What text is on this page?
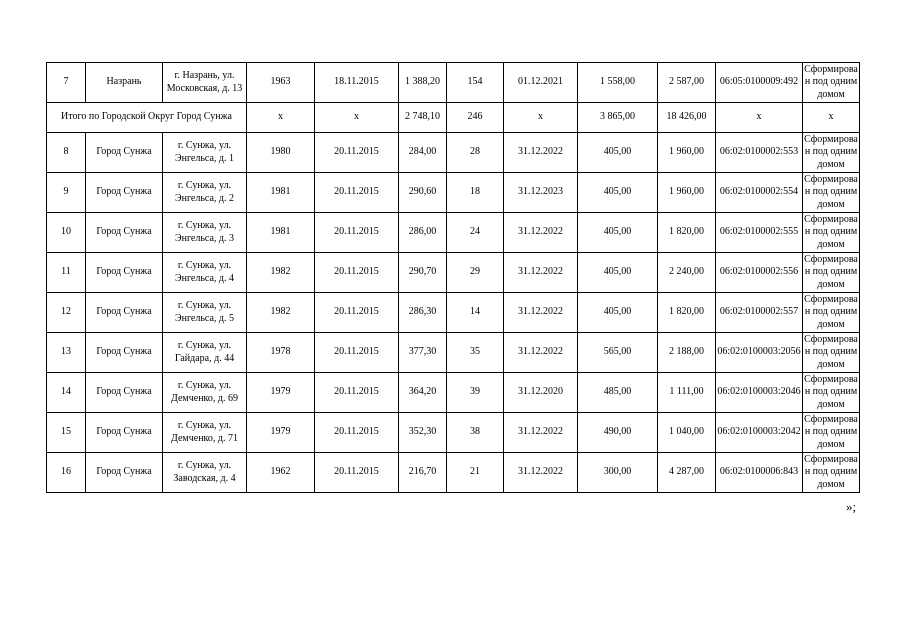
7	Назрань	г. Назрань, ул. Московская, д. 13	1963	18.11.2015	1 388,20	154	01.12.2021	1 558,00	2 587,00	06:05:0100009:492	Сформирован под одним домом
Итого по Городской Округ Город Сунжа			x	x	2 748,10	246	x	3 865,00	18 426,00	x	x
8	Город Сунжа	г. Сунжа, ул. Энгельса, д. 1	1980	20.11.2015	284,00	28	31.12.2022	405,00	1 960,00	06:02:0100002:553	Сформирован под одним домом
9	Город Сунжа	г. Сунжа, ул. Энгельса, д. 2	1981	20.11.2015	290,60	18	31.12.2023	405,00	1 960,00	06:02:0100002:554	Сформирован под одним домом
10	Город Сунжа	г. Сунжа, ул. Энгельса, д. 3	1981	20.11.2015	286,00	24	31.12.2022	405,00	1 820,00	06:02:0100002:555	Сформирован под одним домом
11	Город Сунжа	г. Сунжа, ул. Энгельса, д. 4	1982	20.11.2015	290,70	29	31.12.2022	405,00	2 240,00	06:02:0100002:556	Сформирован под одним домом
12	Город Сунжа	г. Сунжа, ул. Энгельса, д. 5	1982	20.11.2015	286,30	14	31.12.2022	405,00	1 820,00	06:02:0100002:557	Сформирован под одним домом
13	Город Сунжа	г. Сунжа, ул. Гайдара, д. 44	1978	20.11.2015	377,30	35	31.12.2022	565,00	2 188,00	06:02:0100003:2056	Сформирован под одним домом
14	Город Сунжа	г. Сунжа, ул. Демченко, д. 69	1979	20.11.2015	364,20	39	31.12.2020	485,00	1 111,00	06:02:0100003:2046	Сформирован под одним домом
15	Город Сунжа	г. Сунжа, ул. Демченко, д. 71	1979	20.11.2015	352,30	38	31.12.2022	490,00	1 040,00	06:02:0100003:2042	Сформирован под одним домом
16	Город Сунжа	г. Сунжа, ул. Заводская, д. 4	1962	20.11.2015	216,70	21	31.12.2022	300,00	4 287,00	06:02:0100006:843	Сформирован под одним домом
»;
